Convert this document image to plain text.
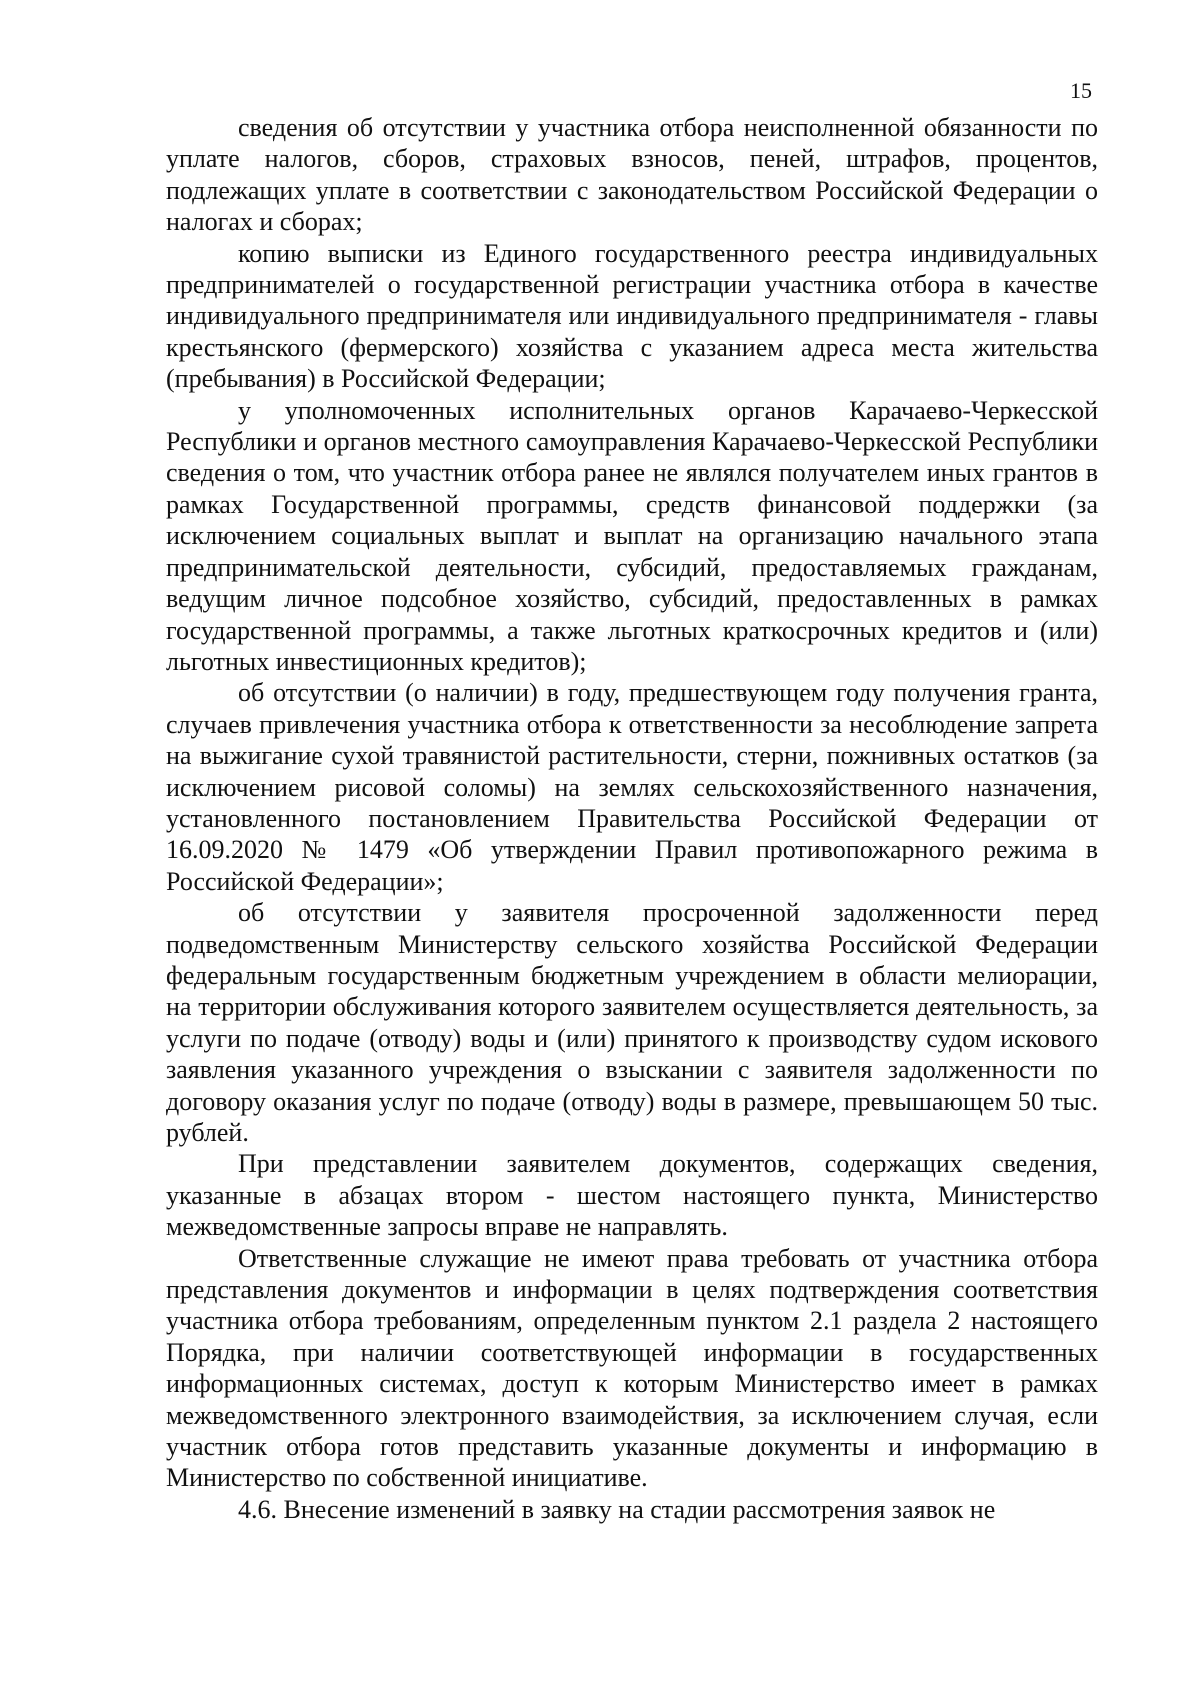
15

сведения об отсутствии у участника отбора неисполненной обязанности по уплате налогов, сборов, страховых взносов, пеней, штрафов, процентов, подлежащих уплате в соответствии с законодательством Российской Федерации о налогах и сборах;

копию выписки из Единого государственного реестра индивидуальных предпринимателей о государственной регистрации участника отбора в качестве индивидуального предпринимателя или индивидуального предпринимателя - главы крестьянского (фермерского) хозяйства с указанием адреса места жительства (пребывания) в Российской Федерации;

у уполномоченных исполнительных органов Карачаево-Черкесской Республики и органов местного самоуправления Карачаево-Черкесской Республики сведения о том, что участник отбора ранее не являлся получателем иных грантов в рамках Государственной программы, средств финансовой поддержки (за исключением социальных выплат и выплат на организацию начального этапа предпринимательской деятельности, субсидий, предоставляемых гражданам, ведущим личное подсобное хозяйство, субсидий, предоставленных в рамках государственной программы, а также льготных краткосрочных кредитов и (или) льготных инвестиционных кредитов);

об отсутствии (о наличии) в году, предшествующем году получения гранта, случаев привлечения участника отбора к ответственности за несоблюдение запрета на выжигание сухой травянистой растительности, стерни, пожнивных остатков (за исключением рисовой соломы) на землях сельскохозяйственного назначения, установленного постановлением Правительства Российской Федерации от 16.09.2020 № 1479 «Об утверждении Правил противопожарного режима в Российской Федерации»;

об отсутствии у заявителя просроченной задолженности перед подведомственным Министерству сельского хозяйства Российской Федерации федеральным государственным бюджетным учреждением в области мелиорации, на территории обслуживания которого заявителем осуществляется деятельность, за услуги по подаче (отводу) воды и (или) принятого к производству судом искового заявления указанного учреждения о взыскании с заявителя задолженности по договору оказания услуг по подаче (отводу) воды в размере, превышающем 50 тыс. рублей.

При представлении заявителем документов, содержащих сведения, указанные в абзацах втором - шестом настоящего пункта, Министерство межведомственные запросы вправе не направлять.

Ответственные служащие не имеют права требовать от участника отбора представления документов и информации в целях подтверждения соответствия участника отбора требованиям, определенным пунктом 2.1 раздела 2 настоящего Порядка, при наличии соответствующей информации в государственных информационных системах, доступ к которым Министерство имеет в рамках межведомственного электронного взаимодействия, за исключением случая, если участник отбора готов представить указанные документы и информацию в Министерство по собственной инициативе.

4.6. Внесение изменений в заявку на стадии рассмотрения заявок не
